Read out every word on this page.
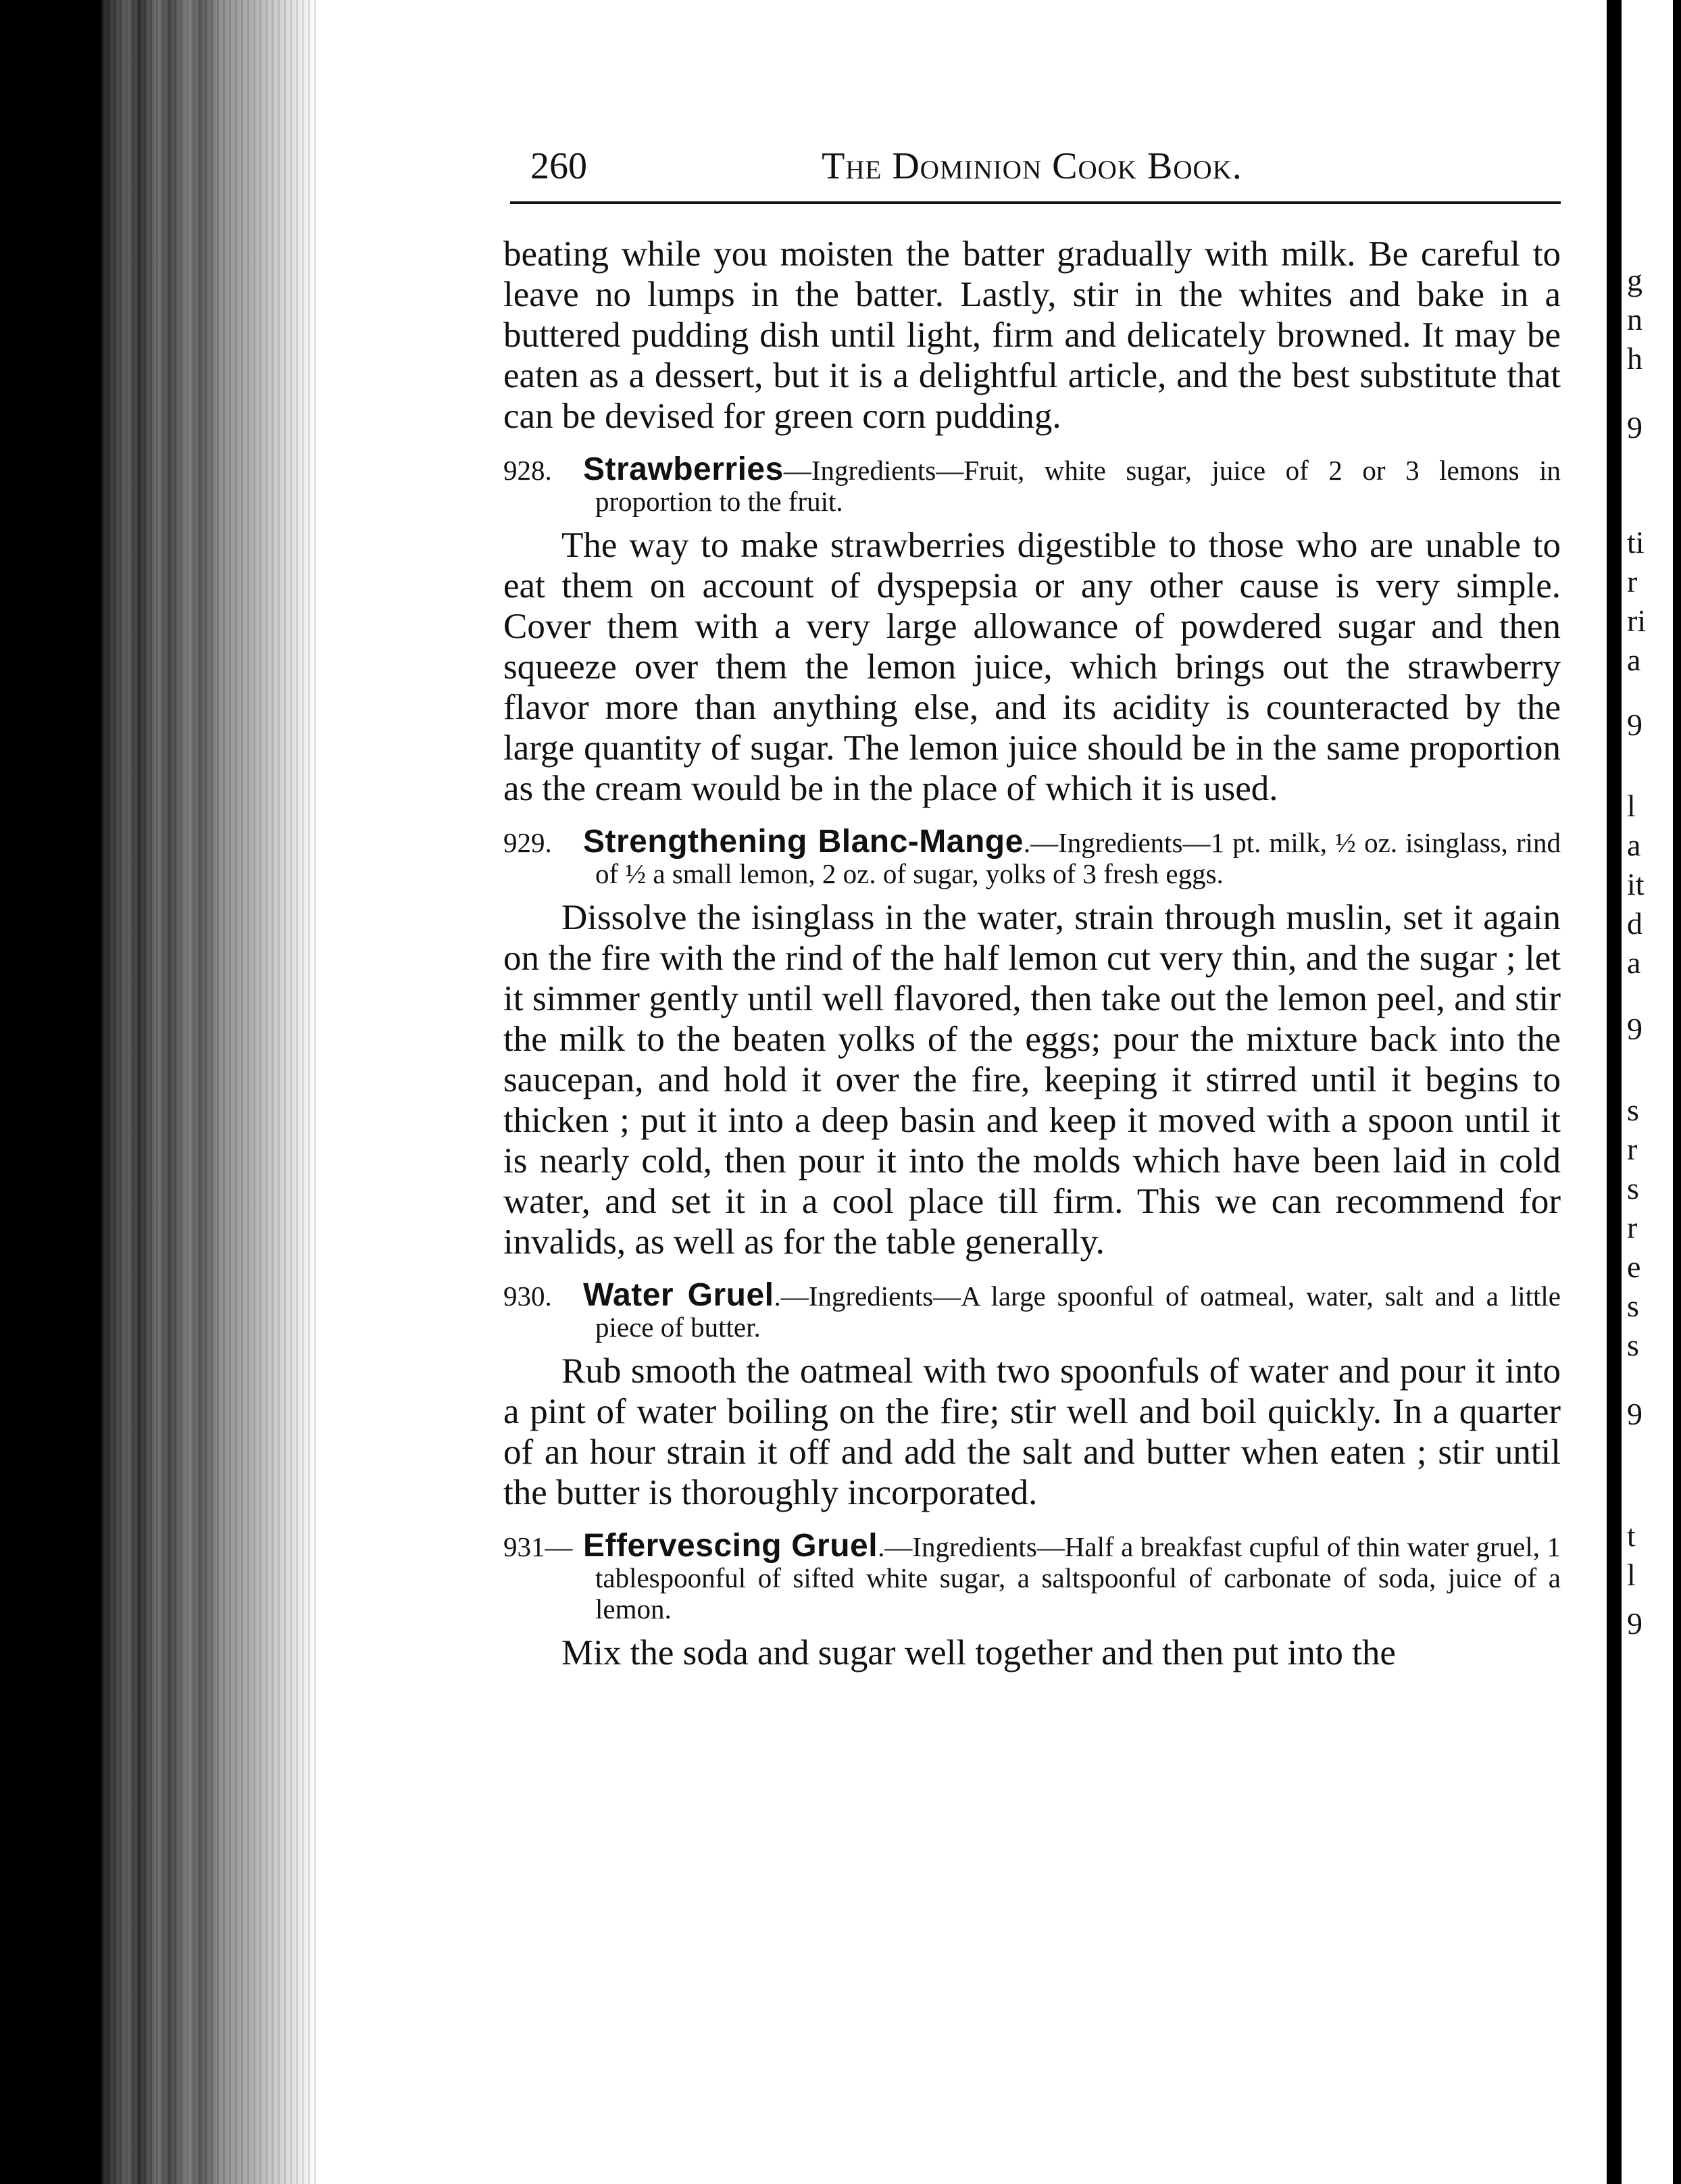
260	The Dominion Cook Book.

beating while you moisten the batter gradually with milk. Be careful to leave no lumps in the batter. Lastly, stir in the whites and bake in a buttered pudding dish until light, firm and delicately browned. It may be eaten as a dessert, but it is a delightful article, and the best substitute that can be devised for green corn pudding.

928. Strawberries—Ingredients—Fruit, white sugar, juice of 2 or 3 lemons in proportion to the fruit.

The way to make strawberries digestible to those who are unable to eat them on account of dyspepsia or any other cause is very simple. Cover them with a very large allowance of powdered sugar and then squeeze over them the lemon juice, which brings out the strawberry flavor more than anything else, and its acidity is counteracted by the large quantity of sugar. The lemon juice should be in the same proportion as the cream would be in the place of which it is used.

929. Strengthening Blanc-Mange.—Ingredients—1 pt. milk, ½ oz. isinglass, rind of ½ a small lemon, 2 oz. of sugar, yolks of 3 fresh eggs.

Dissolve the isinglass in the water, strain through muslin, set it again on the fire with the rind of the half lemon cut very thin, and the sugar ; let it simmer gently until well flavored, then take out the lemon peel, and stir the milk to the beaten yolks of the eggs; pour the mixture back into the saucepan, and hold it over the fire, keeping it stirred until it begins to thicken ; put it into a deep basin and keep it moved with a spoon until it is nearly cold, then pour it into the molds which have been laid in cold water, and set it in a cool place till firm. This we can recommend for invalids, as well as for the table generally.

930. Water Gruel.—Ingredients—A large spoonful of oatmeal, water, salt and a little piece of butter.

Rub smooth the oatmeal with two spoonfuls of water and pour it into a pint of water boiling on the fire; stir well and boil quickly. In a quarter of an hour strain it off and add the salt and butter when eaten ; stir until the butter is thoroughly incorporated.

931— Effervescing Gruel.—Ingredients—Half a breakfast cupful of thin water gruel, 1 tablespoonful of sifted white sugar, a saltspoonful of carbonate of soda, juice of a lemon.

Mix the soda and sugar well together and then put into the

g
n
h
9
ti
r
ri
a
9
l
a
it
d
a
9
s
r
s
r
e
s
s
9
t
l
9
